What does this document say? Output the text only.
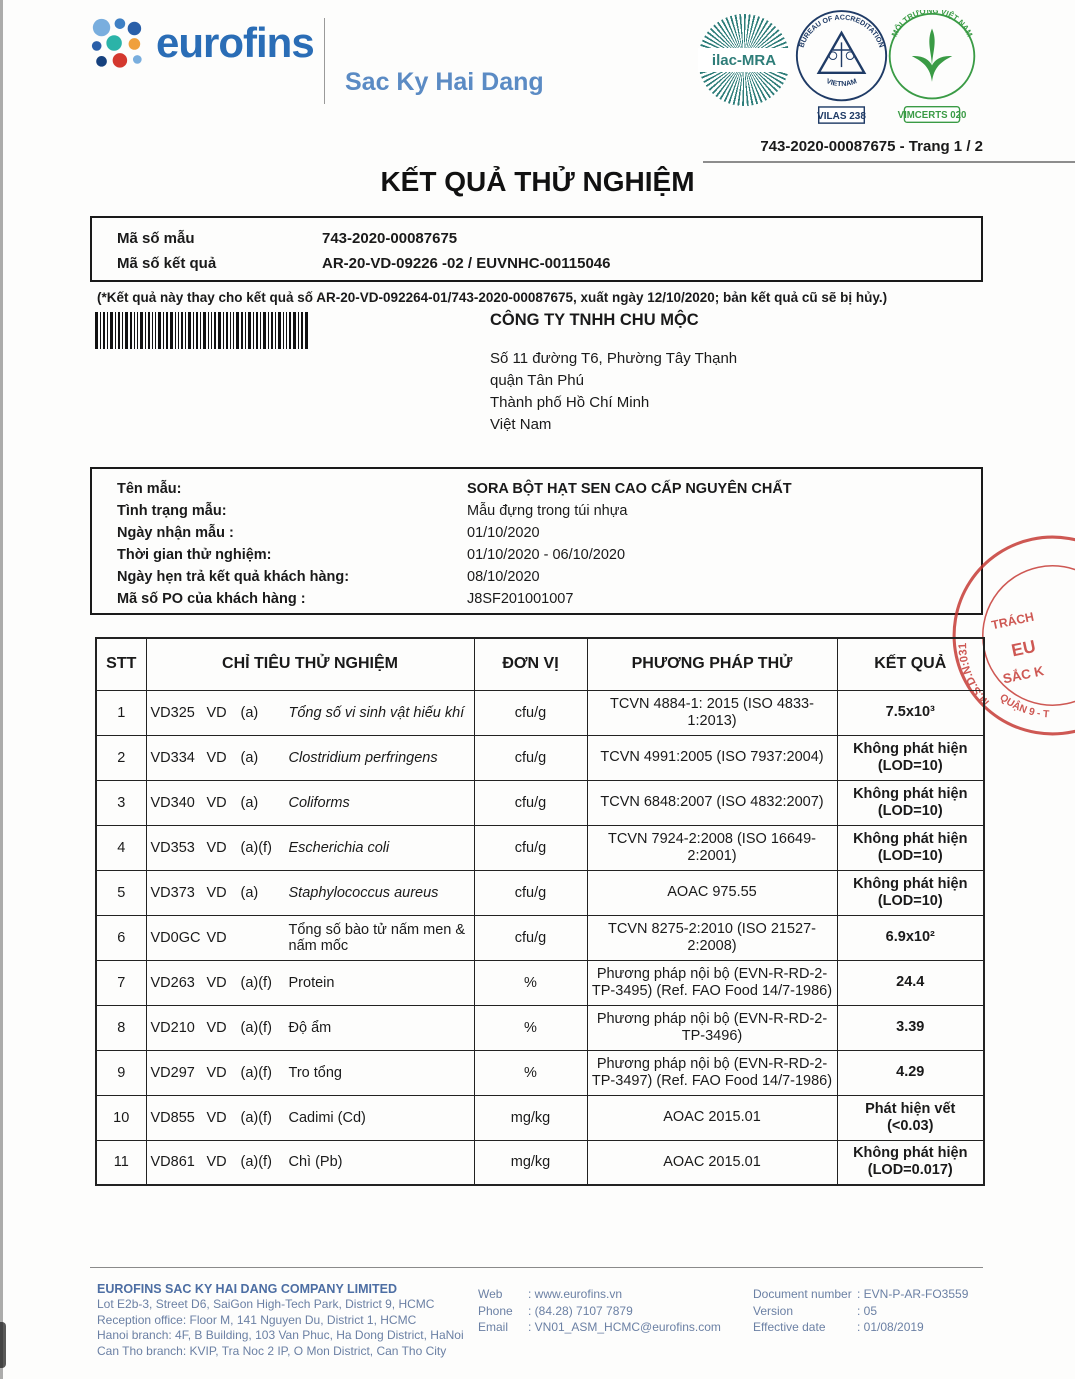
eurofins
Sac Ky Hai Dang
ilac-MRA
BUREAU OF ACCREDITATION
VIETNAM
VILAS 238
MÔI TRƯỜNG VIỆT NAM
VIMCERTS 020
743-2020-00087675 - Trang 1 / 2
KẾT QUẢ THỬ NGHIỆM
Mã số mẫu	743-2020-00087675
Mã số kết quả	AR-20-VD-09226 -02 / EUVNHC-00115046
(*Kết quả này thay cho kết quả số AR-20-VD-092264-01/743-2020-00087675, xuất ngày 12/10/2020; bản kết quả cũ sẽ bị hủy.)
CÔNG TY TNHH CHU MỘC
Số 11 đường T6, Phường Tây Thạnh
quận Tân Phú
Thành phố Hồ Chí Minh
Việt Nam
Tên mẫu:	SORA BỘT HẠT SEN CAO CẤP NGUYÊN CHẤT
Tình trạng mẫu:	Mẫu đựng trong túi nhựa
Ngày nhận mẫu :	01/10/2020
Thời gian thử nghiệm:	01/10/2020 - 06/10/2020
Ngày hẹn trả kết quả khách hàng:	08/10/2020
Mã số PO của khách hàng :	J8SF201001007
M.S.D.N:031
TRÁCH
EU
SẮC K
QUẬN 9 - T
STT	CHỈ TIÊU THỬ NGHIỆM	ĐƠN VỊ	PHƯƠNG PHÁP THỬ	KẾT QUẢ
1	VD325 VD (a) Tổng số vi sinh vật hiếu khí	cfu/g	TCVN 4884-1: 2015 (ISO 4833-1:2013)	7.5x10³
2	VD334 VD (a) Clostridium perfringens	cfu/g	TCVN 4991:2005 (ISO 7937:2004)	Không phát hiện (LOD=10)
3	VD340 VD (a) Coliforms	cfu/g	TCVN 6848:2007 (ISO 4832:2007)	Không phát hiện (LOD=10)
4	VD353 VD (a)(f) Escherichia coli	cfu/g	TCVN 7924-2:2008 (ISO 16649-2:2001)	Không phát hiện (LOD=10)
5	VD373 VD (a) Staphylococcus aureus	cfu/g	AOAC 975.55	Không phát hiện (LOD=10)
6	VD0GC VD Tổng số bào tử nấm men & nấm mốc	cfu/g	TCVN 8275-2:2010 (ISO 21527-2:2008)	6.9x10²
7	VD263 VD (a)(f) Protein	%	Phương pháp nội bộ (EVN-R-RD-2-TP-3495) (Ref. FAO Food 14/7-1986)	24.4
8	VD210 VD (a)(f) Độ ẩm	%	Phương pháp nội bộ (EVN-R-RD-2-TP-3496)	3.39
9	VD297 VD (a)(f) Tro tổng	%	Phương pháp nội bộ (EVN-R-RD-2-TP-3497) (Ref. FAO Food 14/7-1986)	4.29
10	VD855 VD (a)(f) Cadimi (Cd)	mg/kg	AOAC 2015.01	Phát hiện vết (<0.03)
11	VD861 VD (a)(f) Chì (Pb)	mg/kg	AOAC 2015.01	Không phát hiện (LOD=0.017)
EUROFINS SAC KY HAI DANG COMPANY LIMITED
Lot E2b-3, Street D6, SaiGon High-Tech Park, District 9, HCMC
Reception office: Floor M, 141 Nguyen Du, District 1, HCMC
Hanoi branch: 4F, B Building, 103 Van Phuc, Ha Dong District, HaNoi
Can Tho branch: KVIP, Tra Noc 2 IP, O Mon District, Can Tho City
Web	: www.eurofins.vn
Phone	: (84.28) 7107 7879
Email	: VN01_ASM_HCMC@eurofins.com
Document number : EVN-P-AR-FO3559
Version	: 05
Effective date	: 01/08/2019
